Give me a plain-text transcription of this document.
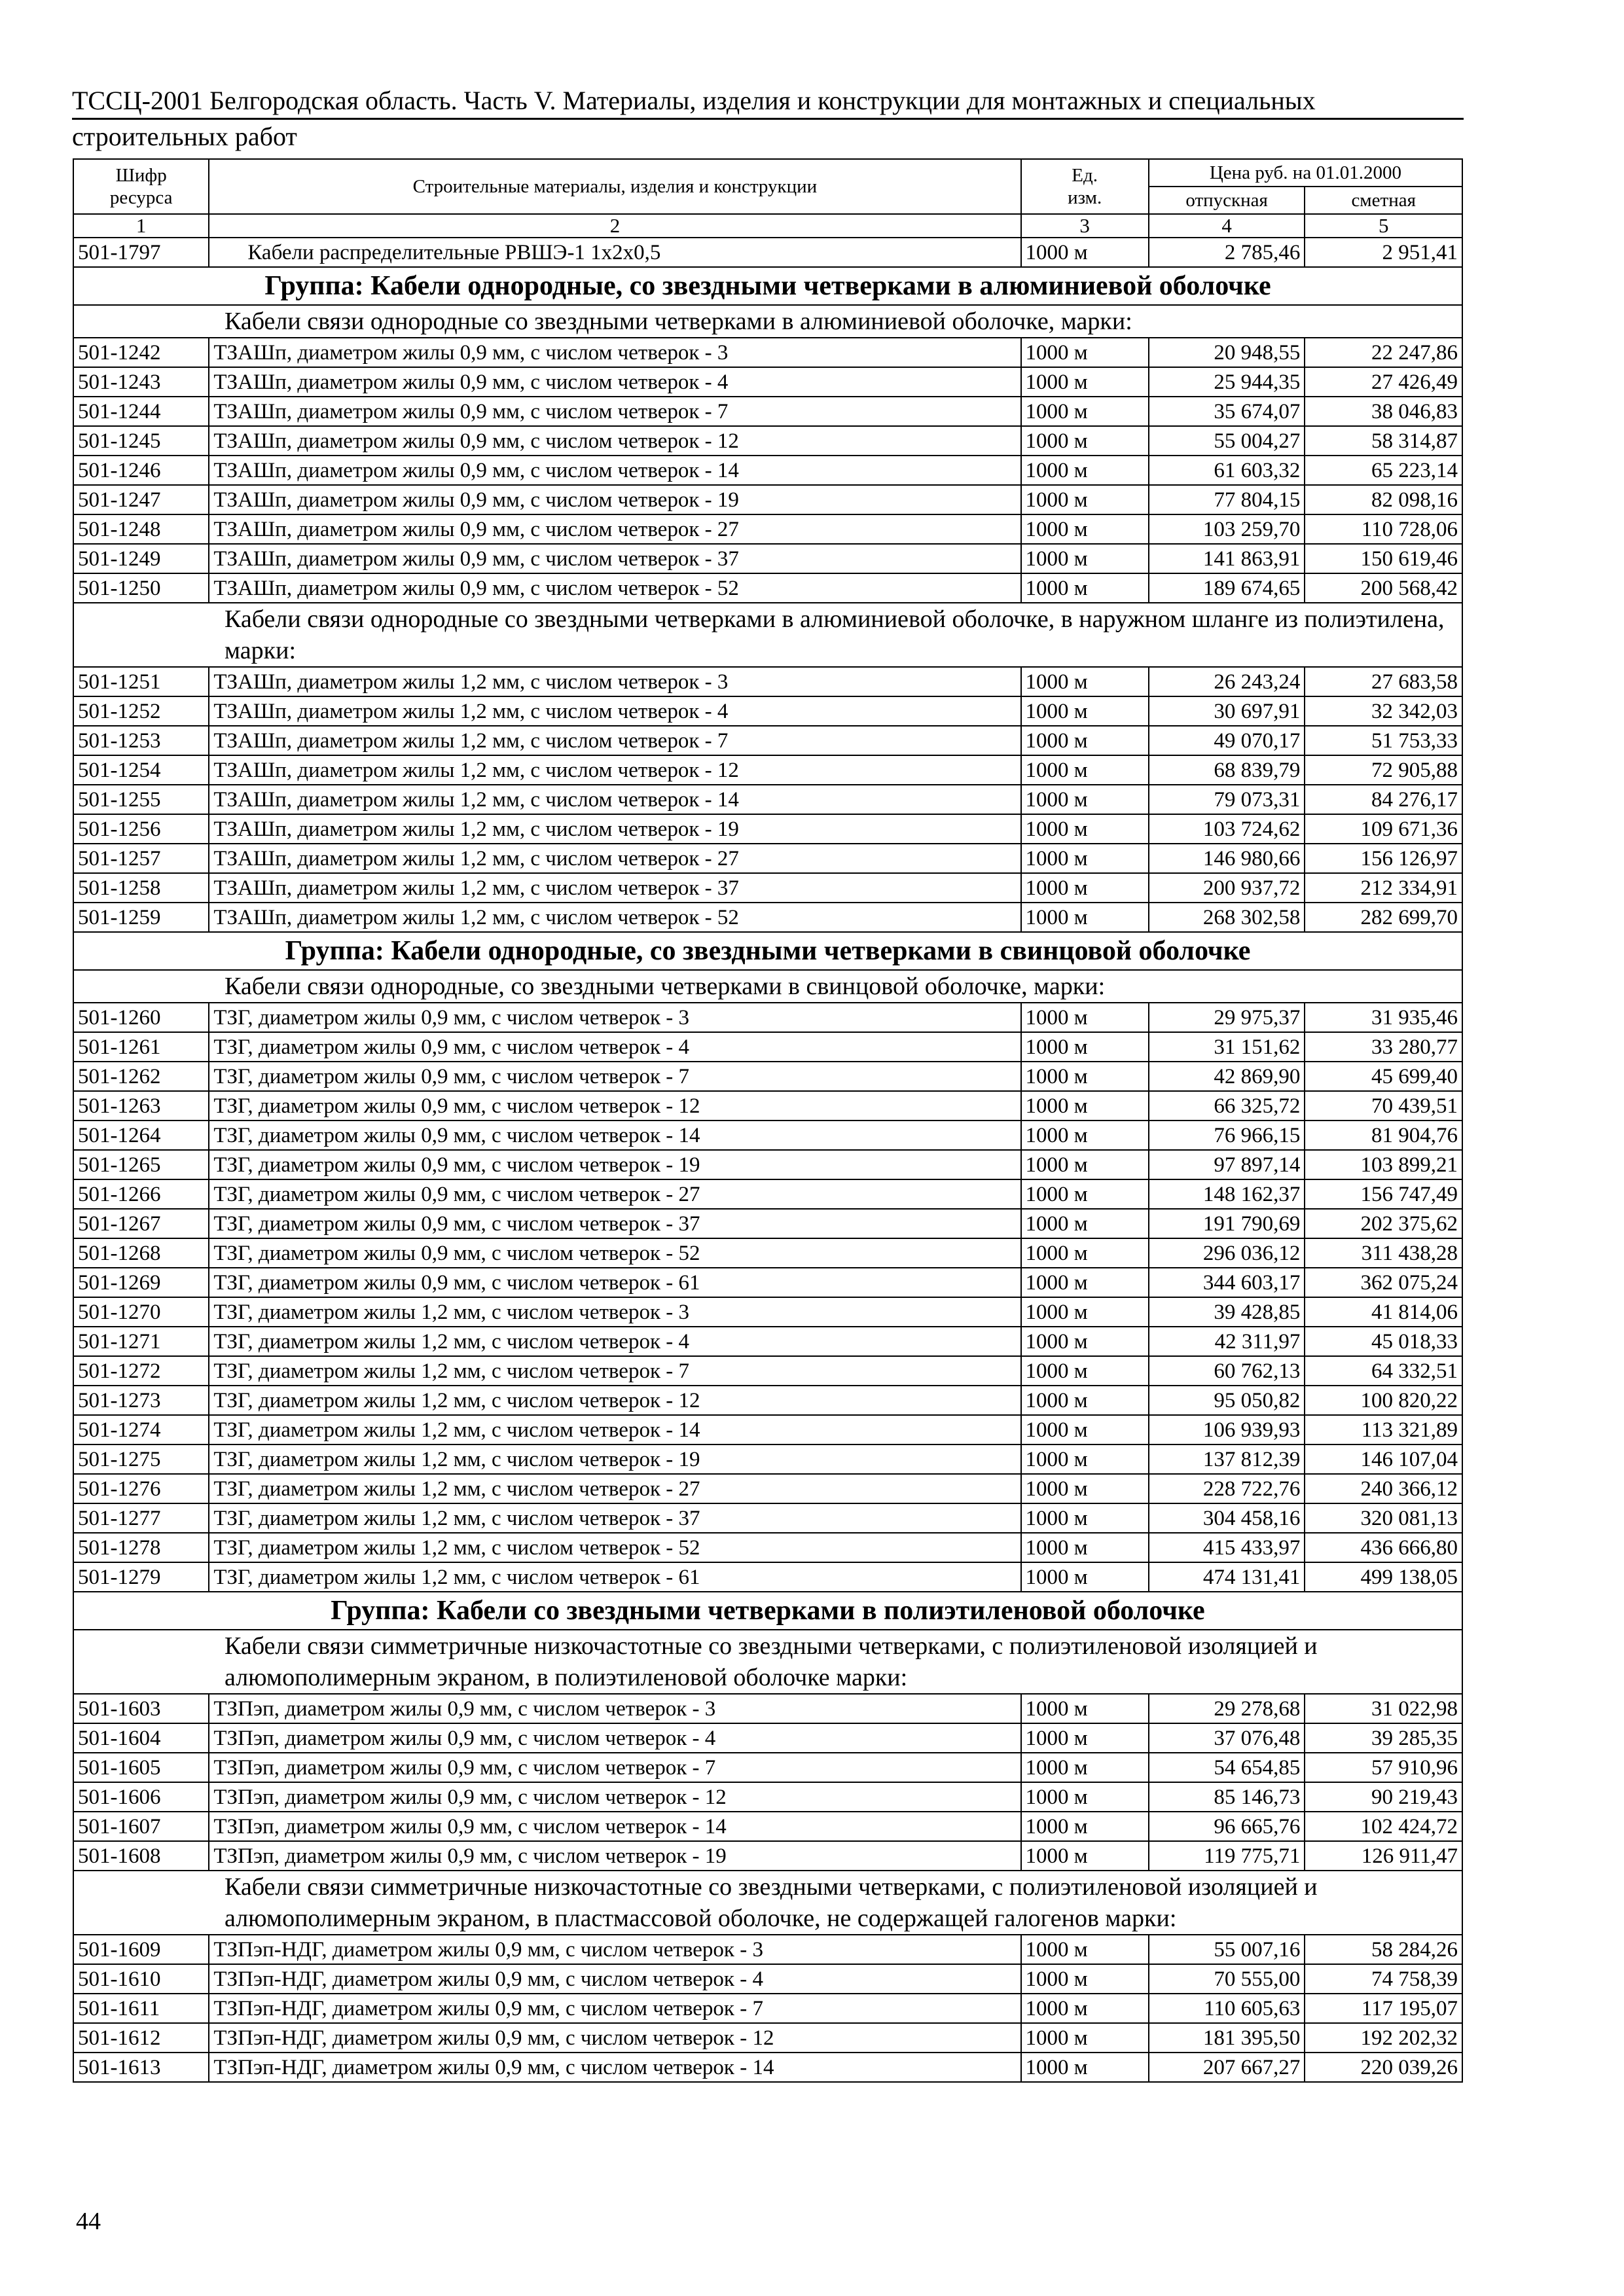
ТССЦ-2001 Белгородская область. Часть V. Материалы, изделия и конструкции для монтажных и специальных
строительных работ
Шифр
ресурса	Строительные материалы, изделия и конструкции	Ед.
изм.	Цена руб. на 01.01.2000	
			отпускная	сметная
1	2	3	4	5
501-1797	Кабели распределительные РВШЭ-1 1х2х0,5	1000 м	2 785,46	2 951,41
Группа: Кабели однородные, со звездными четверками в алюминиевой оболочке				
Кабели связи однородные со звездными четверками в алюминиевой оболочке, марки:				
501-1242	ТЗАШп, диаметром жилы 0,9 мм, с числом четверок - 3	1000 м	20 948,55	22 247,86
501-1243	ТЗАШп, диаметром жилы 0,9 мм, с числом четверок - 4	1000 м	25 944,35	27 426,49
501-1244	ТЗАШп, диаметром жилы 0,9 мм, с числом четверок - 7	1000 м	35 674,07	38 046,83
501-1245	ТЗАШп, диаметром жилы 0,9 мм, с числом четверок - 12	1000 м	55 004,27	58 314,87
501-1246	ТЗАШп, диаметром жилы 0,9 мм, с числом четверок - 14	1000 м	61 603,32	65 223,14
501-1247	ТЗАШп, диаметром жилы 0,9 мм, с числом четверок - 19	1000 м	77 804,15	82 098,16
501-1248	ТЗАШп, диаметром жилы 0,9 мм, с числом четверок - 27	1000 м	103 259,70	110 728,06
501-1249	ТЗАШп, диаметром жилы 0,9 мм, с числом четверок - 37	1000 м	141 863,91	150 619,46
501-1250	ТЗАШп, диаметром жилы 0,9 мм, с числом четверок - 52	1000 м	189 674,65	200 568,42
Кабели связи однородные со звездными четверками в алюминиевой оболочке, в наружном шланге из полиэтилена, марки:				
501-1251	ТЗАШп, диаметром жилы 1,2 мм, с числом четверок - 3	1000 м	26 243,24	27 683,58
501-1252	ТЗАШп, диаметром жилы 1,2 мм, с числом четверок - 4	1000 м	30 697,91	32 342,03
501-1253	ТЗАШп, диаметром жилы 1,2 мм, с числом четверок - 7	1000 м	49 070,17	51 753,33
501-1254	ТЗАШп, диаметром жилы 1,2 мм, с числом четверок - 12	1000 м	68 839,79	72 905,88
501-1255	ТЗАШп, диаметром жилы 1,2 мм, с числом четверок - 14	1000 м	79 073,31	84 276,17
501-1256	ТЗАШп, диаметром жилы 1,2 мм, с числом четверок - 19	1000 м	103 724,62	109 671,36
501-1257	ТЗАШп, диаметром жилы 1,2 мм, с числом четверок - 27	1000 м	146 980,66	156 126,97
501-1258	ТЗАШп, диаметром жилы 1,2 мм, с числом четверок - 37	1000 м	200 937,72	212 334,91
501-1259	ТЗАШп, диаметром жилы 1,2 мм, с числом четверок - 52	1000 м	268 302,58	282 699,70
Группа: Кабели однородные, со звездными четверками в свинцовой оболочке				
Кабели связи однородные, со звездными четверками в свинцовой оболочке, марки:				
501-1260	ТЗГ, диаметром жилы 0,9 мм, с числом четверок - 3	1000 м	29 975,37	31 935,46
501-1261	ТЗГ, диаметром жилы 0,9 мм, с числом четверок - 4	1000 м	31 151,62	33 280,77
501-1262	ТЗГ, диаметром жилы 0,9 мм, с числом четверок - 7	1000 м	42 869,90	45 699,40
501-1263	ТЗГ, диаметром жилы 0,9 мм, с числом четверок - 12	1000 м	66 325,72	70 439,51
501-1264	ТЗГ, диаметром жилы 0,9 мм, с числом четверок - 14	1000 м	76 966,15	81 904,76
501-1265	ТЗГ, диаметром жилы 0,9 мм, с числом четверок - 19	1000 м	97 897,14	103 899,21
501-1266	ТЗГ, диаметром жилы 0,9 мм, с числом четверок - 27	1000 м	148 162,37	156 747,49
501-1267	ТЗГ, диаметром жилы 0,9 мм, с числом четверок - 37	1000 м	191 790,69	202 375,62
501-1268	ТЗГ, диаметром жилы 0,9 мм, с числом четверок - 52	1000 м	296 036,12	311 438,28
501-1269	ТЗГ, диаметром жилы 0,9 мм, с числом четверок - 61	1000 м	344 603,17	362 075,24
501-1270	ТЗГ, диаметром жилы 1,2 мм, с числом четверок - 3	1000 м	39 428,85	41 814,06
501-1271	ТЗГ, диаметром жилы 1,2 мм, с числом четверок - 4	1000 м	42 311,97	45 018,33
501-1272	ТЗГ, диаметром жилы 1,2 мм, с числом четверок - 7	1000 м	60 762,13	64 332,51
501-1273	ТЗГ, диаметром жилы 1,2 мм, с числом четверок - 12	1000 м	95 050,82	100 820,22
501-1274	ТЗГ, диаметром жилы 1,2 мм, с числом четверок - 14	1000 м	106 939,93	113 321,89
501-1275	ТЗГ, диаметром жилы 1,2 мм, с числом четверок - 19	1000 м	137 812,39	146 107,04
501-1276	ТЗГ, диаметром жилы 1,2 мм, с числом четверок - 27	1000 м	228 722,76	240 366,12
501-1277	ТЗГ, диаметром жилы 1,2 мм, с числом четверок - 37	1000 м	304 458,16	320 081,13
501-1278	ТЗГ, диаметром жилы 1,2 мм, с числом четверок - 52	1000 м	415 433,97	436 666,80
501-1279	ТЗГ, диаметром жилы 1,2 мм, с числом четверок - 61	1000 м	474 131,41	499 138,05
Группа: Кабели со звездными четверками в полиэтиленовой оболочке				
Кабели связи симметричные низкочастотные со звездными четверками, с полиэтиленовой изоляцией и алюмополимерным экраном, в полиэтиленовой оболочке марки:				
501-1603	ТЗПэп, диаметром жилы 0,9 мм, с числом четверок - 3	1000 м	29 278,68	31 022,98
501-1604	ТЗПэп, диаметром жилы 0,9 мм, с числом четверок - 4	1000 м	37 076,48	39 285,35
501-1605	ТЗПэп, диаметром жилы 0,9 мм, с числом четверок - 7	1000 м	54 654,85	57 910,96
501-1606	ТЗПэп, диаметром жилы 0,9 мм, с числом четверок - 12	1000 м	85 146,73	90 219,43
501-1607	ТЗПэп, диаметром жилы 0,9 мм, с числом четверок - 14	1000 м	96 665,76	102 424,72
501-1608	ТЗПэп, диаметром жилы 0,9 мм, с числом четверок - 19	1000 м	119 775,71	126 911,47
Кабели связи симметричные низкочастотные со звездными четверками, с полиэтиленовой изоляцией и алюмополимерным экраном, в пластмассовой оболочке, не содержащей галогенов марки:				
501-1609	ТЗПэп-НДГ, диаметром жилы 0,9 мм, с числом четверок - 3	1000 м	55 007,16	58 284,26
501-1610	ТЗПэп-НДГ, диаметром жилы 0,9 мм, с числом четверок - 4	1000 м	70 555,00	74 758,39
501-1611	ТЗПэп-НДГ, диаметром жилы 0,9 мм, с числом четверок - 7	1000 м	110 605,63	117 195,07
501-1612	ТЗПэп-НДГ, диаметром жилы 0,9 мм, с числом четверок - 12	1000 м	181 395,50	192 202,32
501-1613	ТЗПэп-НДГ, диаметром жилы 0,9 мм, с числом четверок - 14	1000 м	207 667,27	220 039,26
44
